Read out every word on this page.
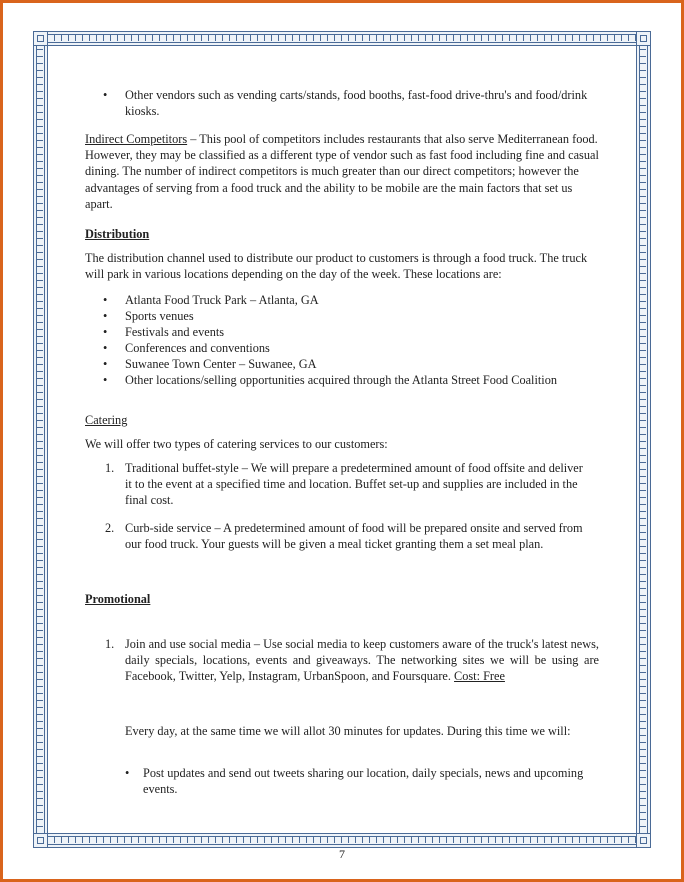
• Other vendors such as vending carts/stands, food booths, fast-food drive-thru's and food/drink kiosks.

Indirect Competitors – This pool of competitors includes restaurants that also serve Mediterranean food. However, they may be classified as a different type of vendor such as fast food including fine and casual dining. The number of indirect competitors is much greater than our direct competitors; however the advantages of serving from a food truck and the ability to be mobile are the main factors that set us apart.

Distribution

The distribution channel used to distribute our product to customers is through a food truck. The truck will park in various locations depending on the day of the week. These locations are:

• Atlanta Food Truck Park – Atlanta, GA
• Sports venues
• Festivals and events
• Conferences and conventions
• Suwanee Town Center – Suwanee, GA
• Other locations/selling opportunities acquired through the Atlanta Street Food Coalition

Catering

We will offer two types of catering services to our customers:

1. Traditional buffet-style – We will prepare a predetermined amount of food offsite and deliver it to the event at a specified time and location. Buffet set-up and supplies are included in the final cost.
2. Curb-side service – A predetermined amount of food will be prepared onsite and served from our food truck. Your guests will be given a meal ticket granting them a set meal plan.

Promotional

1. Join and use social media – Use social media to keep customers aware of the truck's latest news, daily specials, locations, events and giveaways. The networking sites we will be using are Facebook, Twitter, Yelp, Instagram, UrbanSpoon, and Foursquare. Cost: Free

Every day, at the same time we will allot 30 minutes for updates. During this time we will:

• Post updates and send out tweets sharing our location, daily specials, news and upcoming events.
7
